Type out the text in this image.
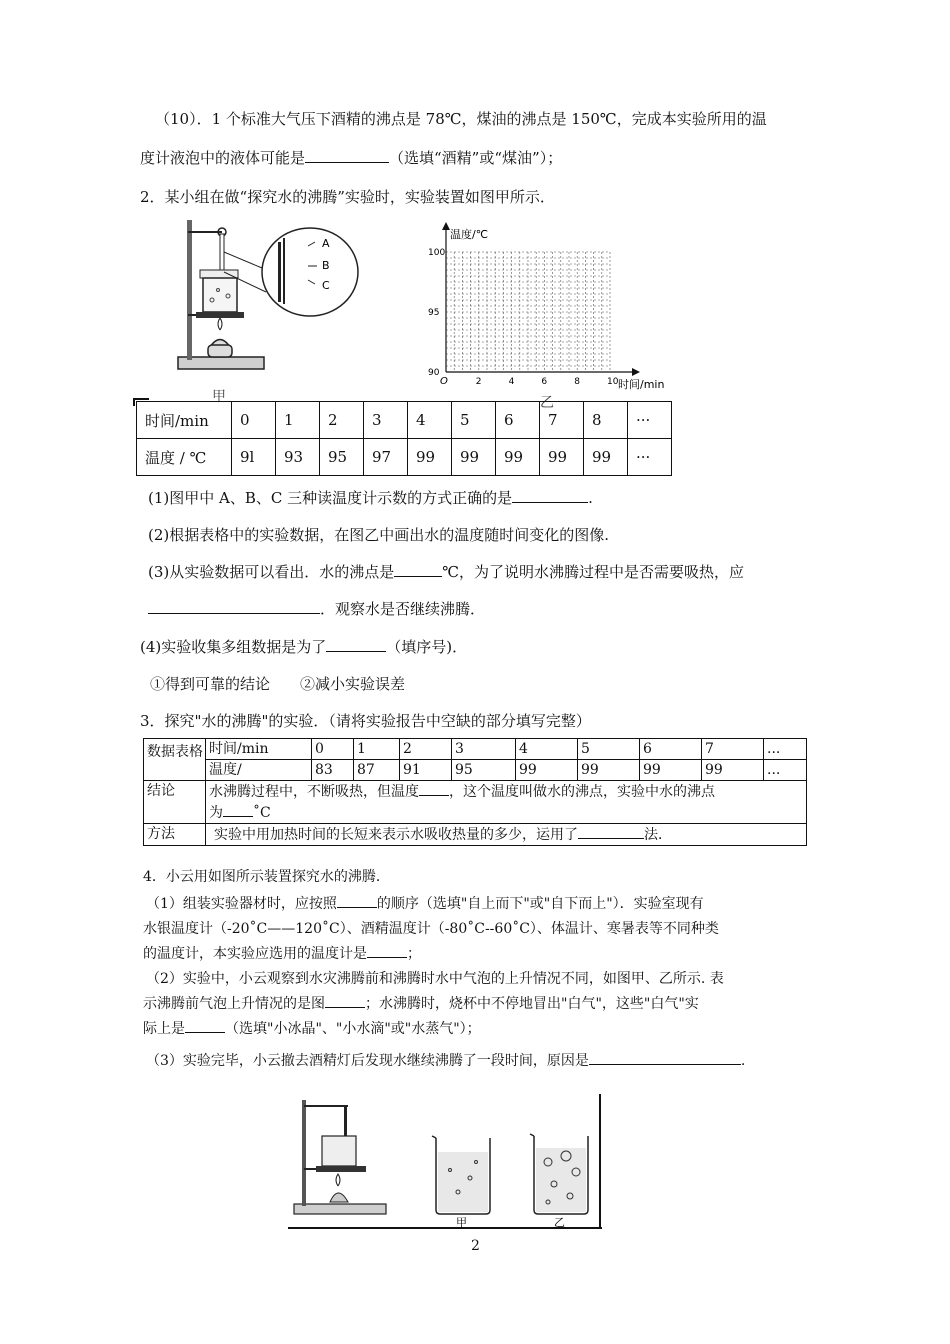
（10）．1 个标准大气压下酒精的沸点是 78℃，煤油的沸点是 150℃，完成本实验所用的温
度计液泡中的液体可能是	（选填“酒精”或“煤油”）；
2．某小组在做“探究水的沸腾”实验时，实验装置如图甲所示．
A
B
C
甲
温度/℃
时间/min
O	2	4	6	8	10
90
95
100
乙
时间/min	0	1	2	3	4	5	6	7	8	···
温度 / ℃	9l	93	95	97	99	99	99	99	99	···
(1)图甲中 A、B、C 三种读温度计示数的方式正确的是	.
(2)根据表格中的实验数据，在图乙中画出水的温度随时间变化的图像.
(3)从实验数据可以看出．水的沸点是	℃，为了说明水沸腾过程中是否需要吸热，应
．观察水是否继续沸腾．
(4)实验收集多组数据是为了	（填序号)．
①得到可靠的结论　　②减小实验误差
3．探究"水的沸腾"的实验．（请将实验报告中空缺的部分填写完整）
数据表格	时间/min	0	1	2	3	4	5	6	7	...
	温度/	83	87	91	95	99	99	99	99	...
结论	水沸腾过程中，不断吸热，但温度 ，这个温度叫做水的沸点，实验中水的沸点
为 ˚C									
方法	实验中用加热时间的长短来表示水吸收热量的多少，运用了 法．									
4．小云用如图所示装置探究水的沸腾．
（1）组装实验器材时，应按照	的顺序（选填"自上而下"或"自下而上"）．实验室现有
水银温度计（-20˚C——120˚C）、酒精温度计（-80˚C--60˚C）、体温计、寒暑表等不同种类
的温度计，本实验应选用的温度计是	；
（2）实验中，小云观察到水灾沸腾前和沸腾时水中气泡的上升情况不同，如图甲、乙所示. 表
示沸腾前气泡上升情况的是图	；水沸腾时，烧杯中不停地冒出"白气"，这些"白气"实
际上是	（选填"小冰晶"、"小水滴"或"水蒸气"）；
（3）实验完毕，小云撤去酒精灯后发现水继续沸腾了一段时间，原因是	.
甲	乙
2
